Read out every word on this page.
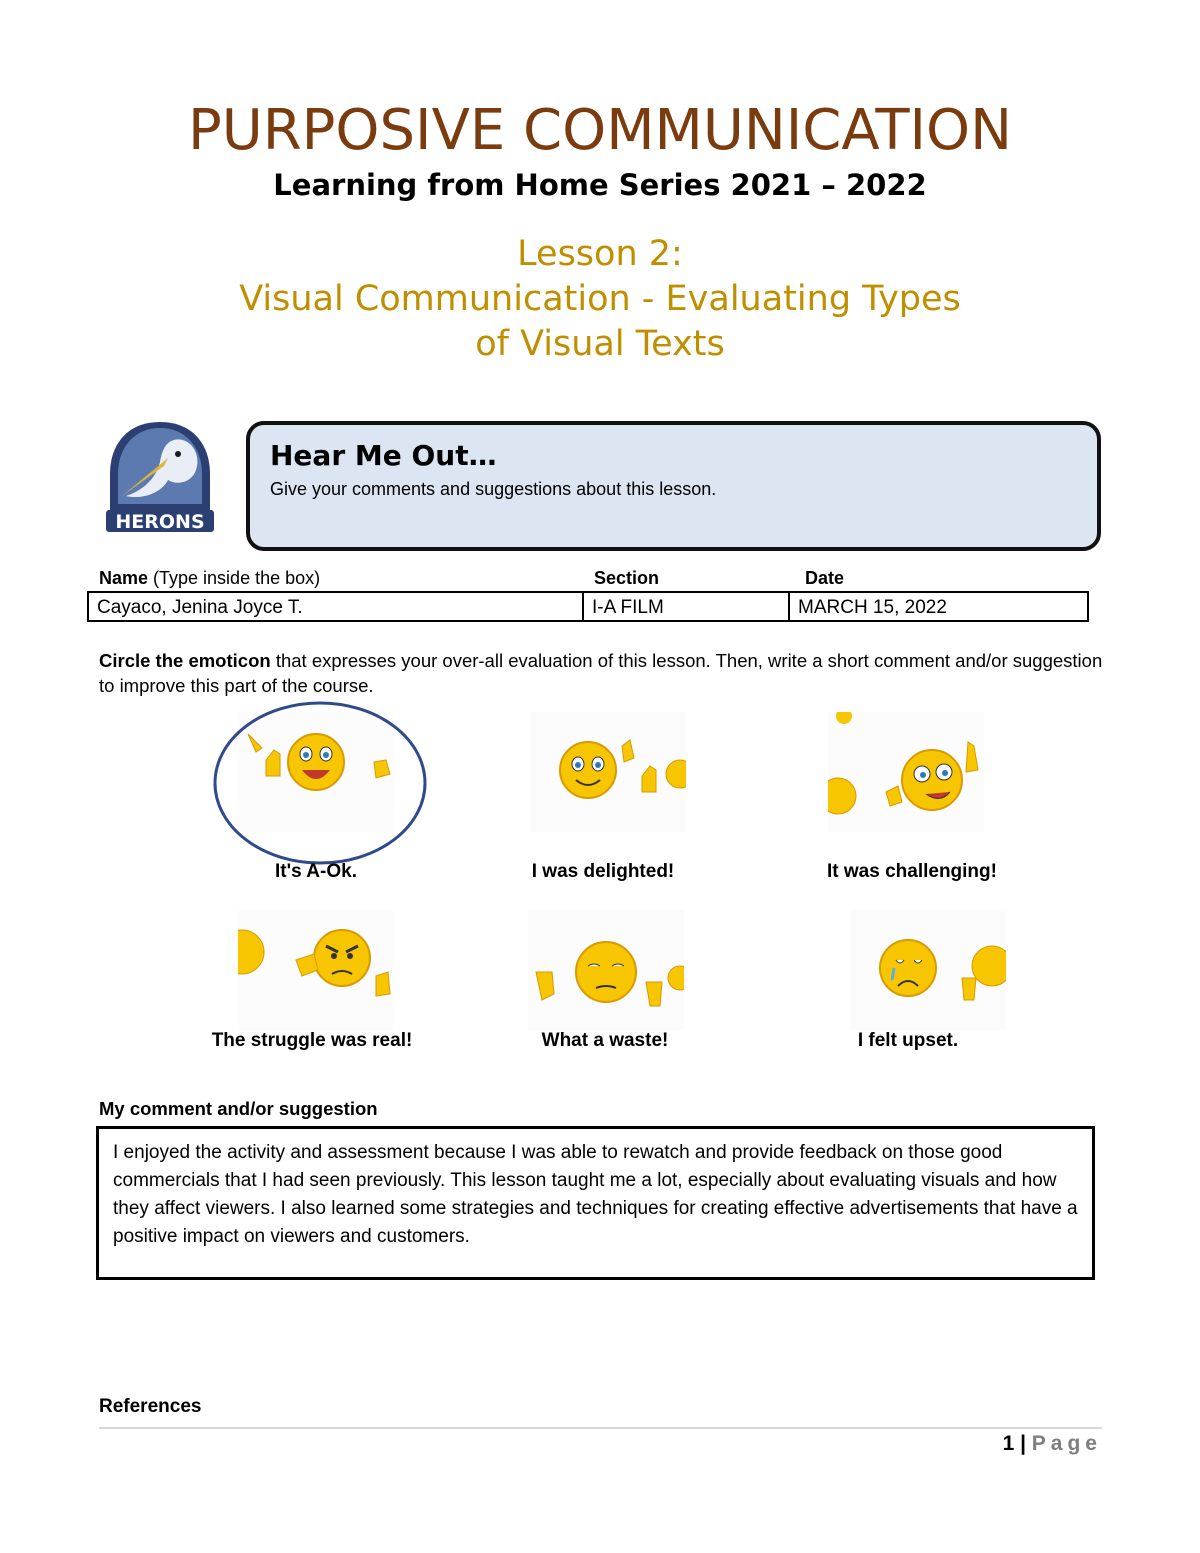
PURPOSIVE COMMUNICATION
Learning from Home Series 2021 – 2022
Lesson 2:
Visual Communication - Evaluating Types
of Visual Texts
HERONS
Hear Me Out…
Give your comments and suggestions about this lesson.
Name (Type inside the box)	Section	Date
Cayaco, Jenina Joyce T.	I-A FILM	MARCH 15, 2022
Circle the emoticon that expresses your over-all evaluation of this lesson. Then, write a short comment and/or suggestion to improve this part of the course.
It's A-Ok.	I was delighted!	It was challenging!
The struggle was real!	What a waste!	I felt upset.
My comment and/or suggestion
I enjoyed the activity and assessment because I was able to rewatch and provide feedback on those good commercials that I had seen previously. This lesson taught me a lot, especially about evaluating visuals and how they affect viewers. I also learned some strategies and techniques for creating effective advertisements that have a positive impact on viewers and customers.
References
1 | Page
